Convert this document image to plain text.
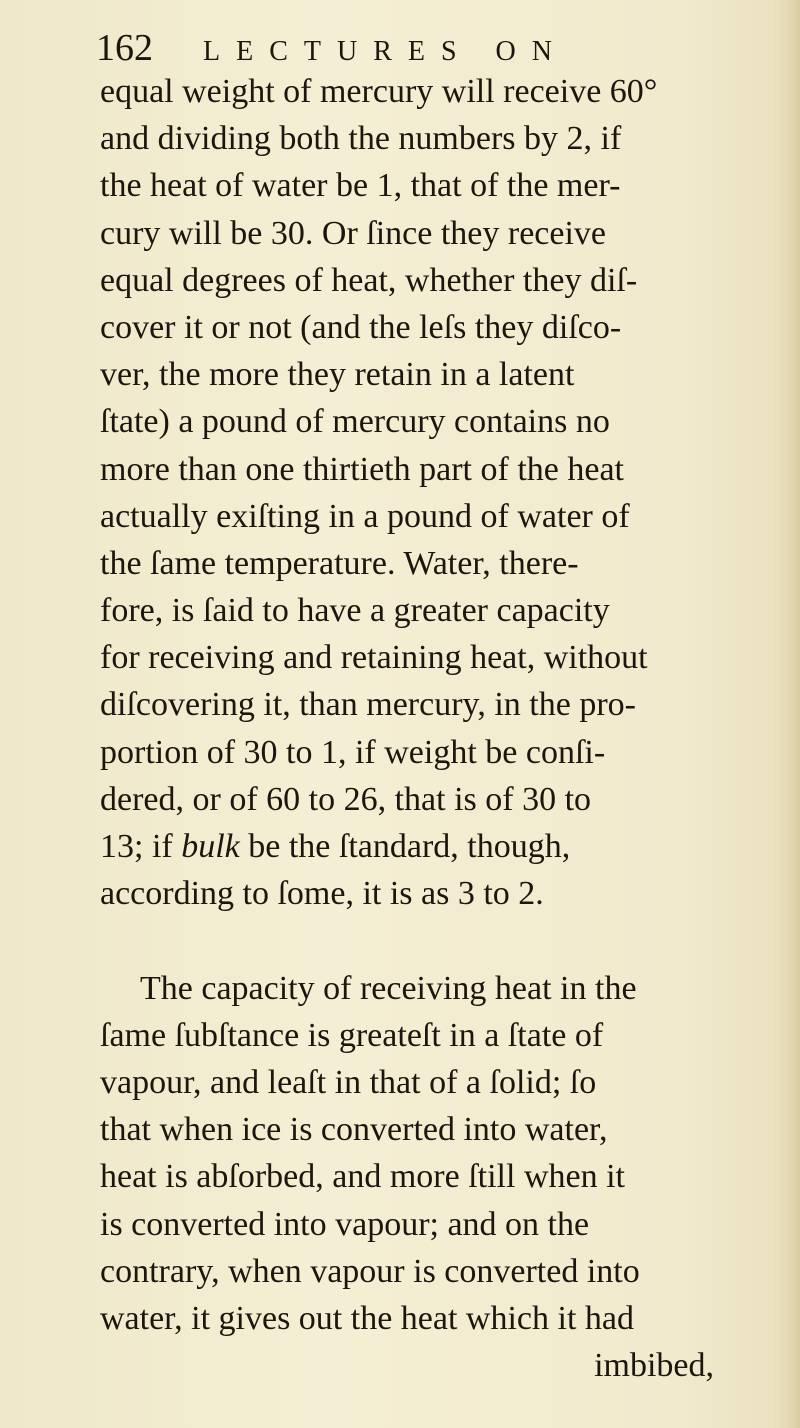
162 LECTURES ON
equal weight of mercury will receive 60°
and dividing both the numbers by 2, if
the heat of water be 1, that of the mer-
cury will be 30. Or ſince they receive
equal degrees of heat, whether they diſ-
cover it or not (and the leſs they diſco-
ver, the more they retain in a latent
ſtate) a pound of mercury contains no
more than one thirtieth part of the heat
actually exiſting in a pound of water of
the ſame temperature. Water, there-
fore, is ſaid to have a greater capacity
for receiving and retaining heat, without
diſcovering it, than mercury, in the pro-
portion of 30 to 1, if weight be conſi-
dered, or of 60 to 26, that is of 30 to
13; if bulk be the ſtandard, though,
according to ſome, it is as 3 to 2.
The capacity of receiving heat in the
ſame ſubſtance is greateſt in a ſtate of
vapour, and leaſt in that of a ſolid; ſo
that when ice is converted into water,
heat is abſorbed, and more ſtill when it
is converted into vapour; and on the
contrary, when vapour is converted into
water, it gives out the heat which it had
imbibed,
